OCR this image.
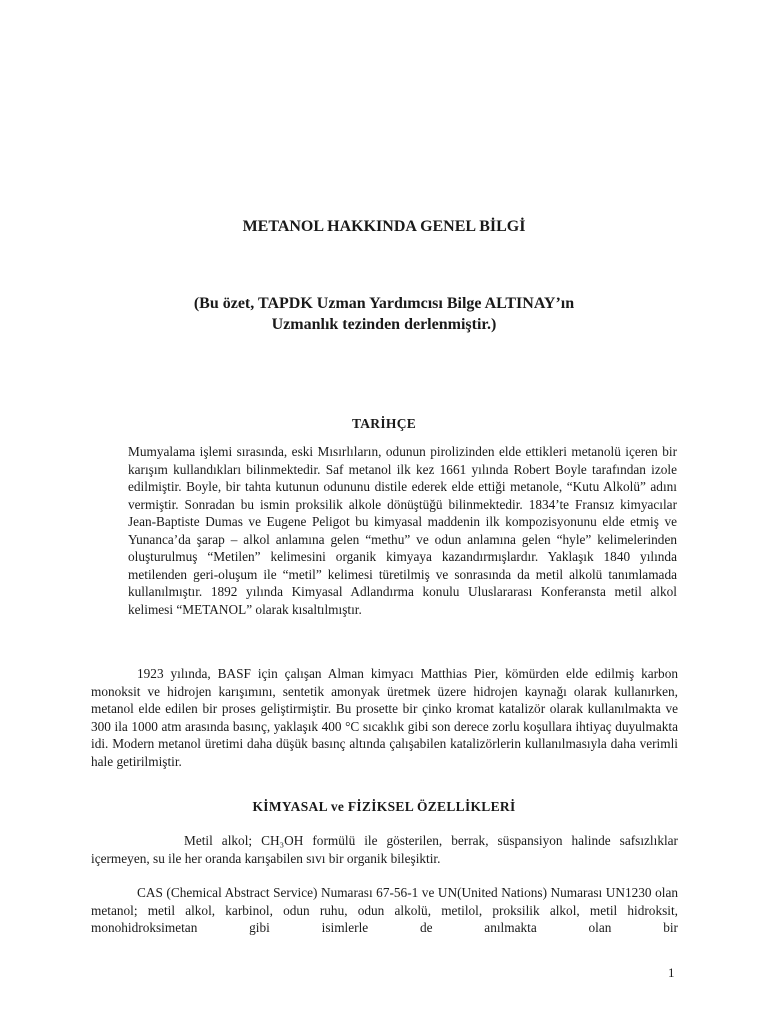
METANOL HAKKINDA GENEL BİLGİ
(Bu özet, TAPDK Uzman Yardımcısı Bilge ALTINAY’ın
Uzmanlık tezinden derlenmiştir.)
TARİHÇE

Mumyalama işlemi sırasında, eski Mısırlıların, odunun pirolizinden elde ettikleri metanolü içeren bir karışım kullandıkları bilinmektedir. Saf metanol ilk kez 1661 yılında Robert Boyle tarafından izole edilmiştir. Boyle, bir tahta kutunun odununu distile ederek elde ettiği metanole, “Kutu Alkolü” adını vermiştir. Sonradan bu ismin proksilik alkole dönüştüğü bilinmektedir. 1834’te Fransız kimyacılar Jean-Baptiste Dumas ve Eugene Peligot bu kimyasal maddenin ilk kompozisyonunu elde etmiş ve Yunanca’da şarap – alkol anlamına gelen “methu” ve odun anlamına gelen “hyle” kelimelerinden oluşturulmuş “Metilen” kelimesini organik kimyaya kazandırmışlardır. Yaklaşık 1840 yılında metilenden geri-oluşum ile “metil” kelimesi türetilmiş ve sonrasında da metil alkolü tanımlamada kullanılmıştır. 1892 yılında Kimyasal Adlandırma konulu Uluslararası Konferansta metil alkol kelimesi “METANOL” olarak kısaltılmıştır.

1923 yılında, BASF için çalışan Alman kimyacı Matthias Pier, kömürden elde edilmiş karbon monoksit ve hidrojen karışımını, sentetik amonyak üretmek üzere hidrojen kaynağı olarak kullanırken, metanol elde edilen bir proses geliştirmiştir. Bu prosette bir çinko kromat katalizör olarak kullanılmakta ve 300 ila 1000 atm arasında basınç, yaklaşık 400 °C sıcaklık gibi son derece zorlu koşullara ihtiyaç duyulmakta idi. Modern metanol üretimi daha düşük basınç altında çalışabilen katalizörlerin kullanılmasıyla daha verimli hale getirilmiştir.

KİMYASAL ve FİZİKSEL ÖZELLİKLERİ

Metil alkol; CH₃OH formülü ile gösterilen, berrak, süspansiyon halinde safsızlıklar içermeyen, su ile her oranda karışabilen sıvı bir organik bileşiktir.

CAS (Chemical Abstract Service) Numarası 67-56-1 ve UN(United Nations) Numarası UN1230 olan metanol; metil alkol, karbinol, odun ruhu, odun alkolü, metilol, proksilik alkol, metil hidroksit, monohidroksimetan gibi isimlerle de anılmakta olan bir

1
